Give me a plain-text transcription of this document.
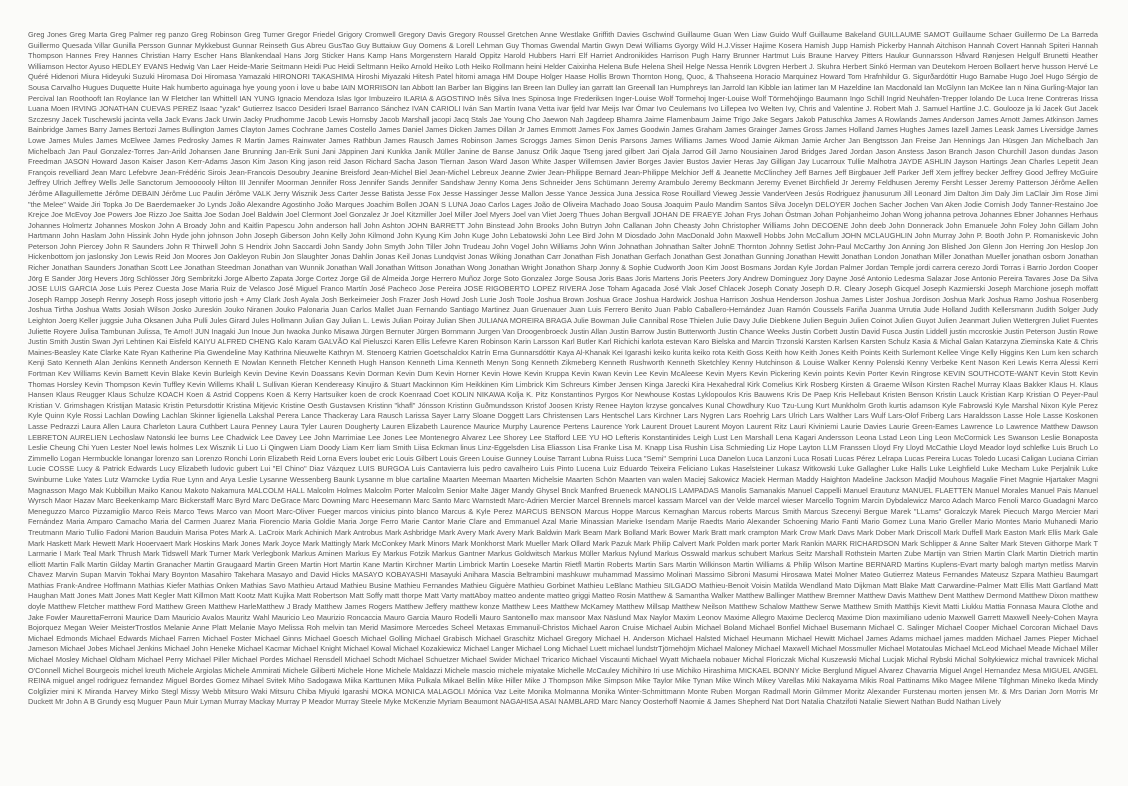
Greg Jones Greg Marta Greg Palmer reg panzo Greg Robinson Greg Turner Gregor Friedel Grigory Cromwell Gregory Davis Gregory Roussel Gretchen Anne Westlake Griffith Davies Gschwind Guillaume Guan Wen Liaw Guido Wulf Guillaume Bakeland GUILLAUME SAMOT Guillaume Schaer Guillermo De La Barreda Guillermo Quesada Villar Gunilla Persson Gunnar Mykkebust Gunnar Reinseth Gus Abreu GusTao Guy Buttaiuw Guy Oomens & Lorell Lehman Guy Thomas Gwendal Martin Gwyn Dewi Williams Gyorgy Wild H.J.Visser Hajime Kosera Hamish Jupp Hamish Pickerby Hannah Aitchison Hannah Covert Hannah Spiteri Hannah Thompson Hannes Frey Hannes Christian Harry Escher Hans Blankendaal Hans Jorg Sticker Hans Kamp Hans Morgenstern Harald Oppitz Harold Hubbers Harri Elf Harriet Andronikides Harrison Pugh Harry Brunner Hartmut Luis Braune Harvey Pitters Haukur Gunnarsson Håvard Rønjesen Helgulf Brunetti Heather Williamson Hector Ayuso HEDLEY EVANS Hedwig Van Laer Heide-Marie Seitmann Heidi Puc Heidi Seltmann Heiko Arnold Heiko Loth Heiko Rollmann heini Helder Caixinha Helena Bufe Helena Sheil Helge Nessa Henrik Lövgren Herbert J. Skuhra Herbert Sinkó Herman van Deutekom Heroen Bollaert herve husson Hervé Le Quéré Hidenori Miura Hideyuki Suzuki Hiromasa Doi Hiromasa Yamazaki HIRONORI TAKASHIMA Hiroshi Miyazaki Hitesh Patel hitomi amaga HM Doupe Holger Haase Hollis Brown Thornton Hong, Quoc, & Thahseena Horacio Marquinez Howard Tom Hrafnhildur G. Sigurðardóttir Hugo Barnabe Hugo Joel Hugo Sérgio de Sousa Carvalho Hugues Duquette Huite Hak humberto aguinaga hye young yoon i love u babe IAIN MORRISON Ian Abbott Ian Barber Ian Biggins Ian Breen Ian Dulley ian garratt Ian Greenall Ian Humphreys Ian Jarrold Ian Kibble ian latimer Ian M Hazeldine Ian Macdonald Ian McGlynn Ian McKee Ian n Nina Gurling-Major Ian Percival Ian Roothooft Ian Roylance Ian W Fletcher Ian Whittell IAN YUNG Ignacio Mendoza Islas Igor Imbuzeiro ILARIA & AGOSTINO Inês Silva Ines Spinosa Inge Frederiksen Inger-Louise Wolf Tormehoj Inger-Louise Wolf Törmehöjingo Baumann Ingo Schill Ingrid Neuhäfen-Trepper Iolando De Luca Irene Contreras Irissa Luana Moen IRVING JONATHAN CUEVAS PEREZ Isaac "yzak" Gutierrez Isacco Desideri Israel Barranco Sánchez IVAN CARIOLI Iván San Martín Ivana Vetta ivar fjeld Ivar Meijs Ivar Ómar Ivo Ceulemans Ivo Lillepea Ivo Welten Ivy, Chris and Valentine J. Robert Mah J. Samuel Hartline J.C. Goulooze ja ki Jacek Gut Jacek Szczesny Jacek Tuschewski jacinta vella Jack Evans Jack Urwin Jacky Prudhomme Jacob Lewis Hornsby Jacob Marshall jacopi Jacq Stals Jae Young Cho Jaewon Nah Jagdeep Bhamra Jaime Flamenbaum Jaime Trigo Jake Segars Jakob Patuschka James A Rowlands James Anderson James Arnott James Atkinson James Bainbridge James Barry James Bertozi James Bullington James Clayton James Cochrane James Costello James Daniel James Dicken James Dillan Jr James Emmott James Fox James Goodwin James Graham James Grainger James Gross James Holland James Hughes James Iazell James Leask James Liversidge James Lowe James Mules James McElwee James Pedrosky James R Martin James Rainwater James Rathbun James Rausch James Robinson James Scroggs James Simon Denis Parsons James Williams James Wood Jamie Aikman Jamie Archer Jan Bengtsson Jan Freise Jan Hennings Jan Hüsgen Jan Michelbach Jan Michelbach Jan Paul Gonzalez-Torres Jan-Arild Johansen Jane Brunning Jan-Erik Suni Jani Jäppinen Jani Kunkka Janik Müller Janine de Banse Janusz Orlik Jaque Tseng jared gilbert Jari Ojala Jarrod Gill Jarno Nousiainen Jarod Bridges Jared Jordan Jason Anstess Jason Branch Jason Churchill Jason dundas Jason Freedman JASON Howard Jason Kaiser Jason Kerr-Adams Jason Kim Jason King jason reid Jason Richard Sacha Jason Tiernan Jason Ward Jason White Jasper Willemsen Javier Borges Javier Bustos Javier Heras Jay Gilligan Jay Lucarroux Tullie Malhotra JAYDE ASHLIN Jayson Hartings Jean Charles Lepetit Jean François revelliard Jean Marc Lefebvre Jean-Frédéric Sirois Jean-Francois Desoubry Jeanine Breisford Jean-Michel Biel Jean-Michel Lebreux Jeanne Zwier Jean-Philippe Bernard Jean-Philippe Melchior Jeff & Jeanette McClinchey Jeff Barnes Jeff Birgbauer Jeff Parker Jeff Xem jeffrey becker Jeffrey Good Jeffrey McGuire Jeffrey Ulrich Jeffrey Wells Jelle Sanctorum Jemoooooly Hilton III Jennifer Moorman Jennifer Ross Jennifer Sands Jennifer Sandshaw Jenny Koma Jens Schneider Jens Schümann Jeremy Arambulo Jeremy Beckmann Jeremy Evenet Birchfield Jr Jeremy Feldhusen Jeremy Fersht Lesser Jeremy Patterson Jérôme Aellen Jérôme Allaguillemette Jérôme DEBAIN Jérôme Luc Paulin Jérôme VALK Jerry Wisznik Jess Carter Jesse Batista Jesse Fox Jesse Hassinger Jesse Mallon Jesse Yance Jessica Juna Jessica Rose Rouillard Vieweg Jessie VanderVeen Jesús Rodriguez jhanusurum Jill Leonard Jim Dalton Jim Daly Jim LaClair Jim Rose Jimi "the Melee" Waide Jiri Topka Jo De Baerdemaeker Jo Lynds João Alexandre Agostinho João Marques Joachim Bollen JOAN S LUNA Joao Carlos Lages João de Oliveira Machado Joao Sousa Joaquim Paulo Mandim Santos Silva Jocelyn DELOYER Jochen Sacher Jochen Van Aken Jodie Cornish Jody Tanner-Restaino Joe Krejce Joe McEvoy Joe Powers Joe Rizzo Joe Saitta Joe Sodan Joel Baldwin Joel Clermont Joel Gonzalez Jr Joel Kitzmiller Joel Miller Joel Myers Joel van Vliet Joerg Thues Johan Bergvall JOHAN DE FRAEYE Johan Frys Johan Östman Johan Pohjanheimo Johan Wong johanna petrova Johannes Ebner Johannes Herhaus Johannes Holmertz Johannes Moskon John A Broady John and Kaitlin Papescu John anderson hall John Ashton JOHN BARRETT John Binstead John Brooks John Butryn John Callanan John Cheasty John Christopher Williams John DECOENE John deeb John Donnerack John Emanuele John Foley John Gillam John Hartmann John Haslam John Hissink John Hyde john johnson John Joseph Giberson John Kelly John Kilmond John Kyung Kim John Kuge John Lebatowski John Lee Bird John M Diosdado John MacDonald John Maxwell Hobbs John McCallum JOHN MCLAUGHLIN John Murray John P. Booth John P. Romaniskevic John Peterson John Piercey John R Saunders John R Thirwell John S Hendrix John Saccardi John Sandy John Smyth John Tiller John Trudeau John Vogel John Williams John Winn Johnathan Johnathan Salter JohnE Thornton Johnny Setlist John-Paul McCarthy Jon Anning Jon Blished Jon Glenn Jon Herring Jon Heslop Jon Hickenbottom jon jaslonsky Jon Lewis Reid Jon Moores Jon Oakleyon Rubin Jon Slaughter Jonas Dahlin Jonas Keil Jonas Lundqvist Jonas Wiking Jonathan Carr Jonathan Fish Jonathan Gerfach Jonathan Gest Jonathan Gunning Jonathan Hewitt Jonathan London Jonathan Miller Jonathan Mueller jonathan osborn Jonathan Richer Jonathan Saunders Jonathan Scott Lee Jonathan Steedman Jonathan van Wunnik Jonathan Wall Jonathan Wittson Jonathan Wong Jonathan Wright Jonathon Sharp Jonny & Sophie Cudworth Joon Kim Joost Bosmans Jordan Kyle Jordan Palmer Jordan Temple jordi carrera cerezo Jordi Torras i Barrio Jordon Cooper Jörg E Sander Jörg Hevers Jörg Schlösser Jörg Sembritzki Jorge Alberto Zapata Jorge Cortez Jorge Gil de Almeida Jorge Herrero Muñoz Jorge Soto Gonzalez Jorge Sousa Joris Baas Joris Martens Joris Peeters Jory Andrew Dominguez Jory Dayne José Antonio Ledesma Salazar Jose Antonio Pereira Tavares Jose Da Silva JOSE LUIS GARCIA Jose Luis Perez Cuesta Jose Maria Ruiz de Velasco José Miguel Franco Martín José Pacheco Jose Pereira JOSE RIGOBERTO LOPEZ RIVERA Jose Toham Agacada José Vlak Josef Chlacek Joseph Conaty Joseph D.R. Cleary Joseph Gicquel Joseph Kazmierski Joseph Marchione joseph moffatt Joseph Rampp Joseph Renny Joseph Ross joseph vittorio josh + Amy Clark Josh Ayala Josh Berkeimeier Josh Frazer Josh Howd Josh Lurie Josh Toole Joshua Brown Joshua Grace Joshua Hardwick Joshua Harrison Joshua Henderson Joshua James Lister Joshua Jordison Joshua Mark Joshua Ramo Joshua Rosenberg Joshua Tirtha Joshua Watts Josiah Wilson Josko Jureskin Jouko Niranen Jouko Palonaria Juan Carlos Mallet Juan Fernando Santiago Martinez Juan Gruenauer Juan Luis Ferrero Benito Juan Pablo Caballero-Hernández Juan Ramón Coussels Fariña Juanma Urrutia Jude Holland Judith Kellersmann Judith Solger Judy Leighton Joerg Keller juggsie Juha Oksanen Juha Pulli Jules Girard Jules Hollmann Julian Gay Julian L. Lewis Julian Poiray Julian Shen JULIANA MOREIRA BRAGA Julie Bowman Julie Cannibal Rose Thielen Julie Davy Julie Diebkene Julien Beguin Julien Coinot Julien Guyot Julien Jeanmart Julien Wettergren Juliet Fuentes Juliette Royere Julisa Tambunan Julissa, Te Amo!! JUN Inagaki Jun Inoue Jun Iwaoka Junko Misawa Jürgen Bernuter Jürgen Bornmann Jurgen Van Droogenbroeck Justin Allan Justin Barrow Justin Butterworth Justin Chance Weeks Justin Corbett Justin David Fusca Justin Liddell justin mccroskie Justin Peterson Justin Rowe Justin Smith Justin Swan Jyri Lehtinen Kai Eisfeld KAIYU ALFRED CHENG Kalo Karam GALVÃO Kal Pieluszci Karen Ellis Lefevre Karen Robinson Karin Larsson Karl Butler Karl Richichi karlota estevan Karo Bielska and Marcin Trzonski Karsten Karlsen Karsten Schulz Kasia & Michal Galan Katarzyna Zieminska Kate & Chris Maines-Beasley Kate Clarke Kate Ryan Katherine Pia Gwendeline May Kathrina Nieuwelte Kathryn M. Stenoerg Katrien Goetschalckx Katrín Erna Gunnarsdóttir Kaya Al-Khanak Kei Igarashi keiko kurita keiko rota Keith Goss Keith how Keith Jones Keith Points Keith Surlemont Kellee Vinge Kelly Higgins Ken Lum ken scharch Kenji Sato Kenneth Alan Jenkins Kenneth Anderson Kenneth E Nowlan Kenneth Fletcher Kenneth Hugh Hanson Kenneth Lima Kenneth Menyn Song Kenneth Zikmeberg Kenneth Rushworth Kenneth Sketchley Kenny Hutchinson & Louise Walker Kenny Polenski Kenny Verbeke Kent Nason Keri Lewis Kerra Alessi Kerri Fortman Kev Williams Kevin Barnett Kevin Blake Kevin Burleigh Kevin Devine Kevin Doassans Kevin Dorman Kevin Dum Kevin Horner Kevin Howe Kevin Kruppa Kevin Kwan Kevin Lee Kevin McAleese Kevin Myers Kevin Pickering Kevin points Kevin Porter Kevin Ringrose KEVIN SOUTHCOTE-WANT Kevin Stott Kevin Thomas Horsley Kevin Thompson Kevin Tuffley Kevin Willems Khalil L Sullivan Kieran Kendereasy Kinujiro & Stuart Mackinnon Kim Heikkinen Kim Limbrick Kim Schreurs Kimber Jensen Kinga Jarecki Kira Hexahedral Kirk Comelius Kirk Rosberg Kirsten & Graeme Wilson Kirsten Rachel Murray Klaas Bakker Klaus H. Klaus Hansen Klaus Reugger Klaus Schulze KOACH Koen & Astrid Coppens Koen & Kerry Hartsuiker koen de crock Koenraad Coet KOLIN NIKAWA Kolja K. Pitz Konstantinos Pyrgos Kor Newhouse Kostas Lyklopoulos Kris Bauwens Kris De Paep Kris Hellebaut Kristen Benson Kristin Lauck Kristian Karp Kristian O Peyer-Paul Kristian V. Grimshagen Kristijan Matasic Kristin Petursdottir Kristina Mitjevic Kristine Oesth Gustavsen Kristinn "khafl" Jónsson Kristinn Guðmundsson Kristof Joosen Kristy Renee Hayton krzyse goncalves Kunal Chowdhury Kuo Tzu-Lung Kurt Munkholm Groth kurtis adamson Kyle Fabrowski Kyle Marshal Nixon Kyle Perez Kyle Quinn Kyle Rossi Lachlan Dowling Lachlan Skinner ligienella Lakshal Perera Lance Thackeray Lara Rausch Larissa Sayer Larry Sloane Doggett Lars Christensen Lars Hentschel Lars Kirchner Lars Nygren Lars Roehrig Lars Ulrich Lars Walther Lars Wulf Lars-Olof Friberg Lars Haraldsson Lasse Hole Lasse Koskonen Lasse Pedrazzi Laura Allen Laura Charleton Laura Cuthbert Laura Penney Laura Tyler Lauren Dougherty Lauren Elizabeth Laurence Maurice Murphy Laurence Pertens Laurence York Laurent Drouet Laurent Moyon Laurent Ritz Lauri Kiviniemi Laurie Davies Laurie Green-Eames Lawrence Lo Lawrence Matthew Dawson LEBRETON AURELIEN Lechoslaw Natonski lee burns Lee Chadwick Lee Davey Lee John Marrimiae Lee Jones Lee Montenegro Alvarez Lee Shorey Lee Stafford LEE YU HO Lefteris Konstantinides Leigh Lust Len Marshall Lena Kagari Andersson Leona Lstad Leon Ling Leon McCormick Les Swanson Leslie Bonaposta Leslie Cheung Chi Yuen Lester Noel lewis holmes Lex Wisznik Li Luo Li Qingwen Liam Doody Liam Kerr liam Smith Liisa Eckman linus Linz-Eggelsden Lisa Eliasson Lisa Franke Lisa M. Knapp Lisa Rushin Lisa Schmieding Liz Hope Layton LLM Franssen Lloyd Fry Lloyd McCathie Lloyd Meador loyd schlefke Luis Bruch Lo Zimmello Logan Hermbuckle lonangar lorenzo san Lorenzo Ronchi Lorin Elizabeth Reid Lorna Evers loubet eric Louis Gilbert Louis Green Louise Gunney Louise Tarrant Lubna Ruiss Luca "Semi" Semprini Luca Danelon Luca Lanzoni Luca Rosati Lucas Pérez Lelrapa Lucas Pereira Lucas Toledo Lucasi Caligan Luciana Cirrian Lucie COSSE Lucy & Patrick Edwards Lucy Elizabeth ludovic gubert Lui "El Chino" Diaz Vázquez LUIS BURGOA Luis Cantavierra luis pedro cavalheiro Luis Pinto Lucena Luiz Eduardo Teixeira Feliciano Lukas Haselsteiner Lukasz Witkowski Luke Gallagher Luke Halls Luke Leighfield Luke Mecham Luke Perjalnik Luke Swinburne Luke Yates Lutz Warncke Lydia Rue Lynn and Arya Leslie Lysanne Wessenberg Baunk Lysanne m blue cartaline Maarten Meeman Maarten Michelsie Maarten Schön Maarten van walen Maciej Sakowicz Maciek Herman Maddy Haighton Madeline Jackson Madjid Mouhous Magalie Finet Magnie Hjartaker Magni Magnasson Mago Mak Kubbillun Maiko Kanou Makoto Nakamura MALCOLM HALL Malcolm Holmes Malcolm Porter Malcolm Senior Malte Jäger Mandy Ghysel Bnck Manfred Brueneck MANOLIS LAMPADAS Manolis Samanakis Manuel Cappelli Manuel Erautunz MANUEL FLAETTEN Manuel Morales Manuel Pais Manuel Wyrsch Maor Hazav Marc Beekenkamp Marc Bickerstaff Marc Byrd Marc DeGrace Marc Downing Marc Heesemann Marc Santo Marc Warnstedt Marc-Adrien Mercier Marcel Brennels marcel kassam Marcel van der Velde marcel wieser Marcello Tognim Marcin Dybdalewicz Marco Adach Marco Fenoli Marco Guadagni Marco Meneguzzo Marco Pizzamiglio Marco Reis Marco Tews Marco van Moort Marc-Oliver Fueger marcos vinicius pinto blanco Marcus & Kyle Perez MARCUS BENSON Marcus Hoppe Marcus Kernaghan Marcus roberts Marcus Smith Marcus Szecenyi Bergue Marek "LLams" Goralczyk Marek Piecuch Margo Mercier Mari Fernández Maria Amparo Camacho Maria del Carmen Juarez Maria Fiorencio Maria Goldie Maria Jorge Ferro Marie Cantor Marie Clare and Emmanuel Azal Marie Minassian Marieke Isendam Marije Raedts Mario Alexander Schoening Mario Fanti Mario Gomez Luna Mario Greller Mario Montes Mario Muhanedi Mario Treutmann Mario Tullio Fadoni Marion Bauduin Marisa Potes Mark A. LaCroix Mark Achinich Mark Antrobus Mark Ashbridge Mark Avery Mark Avery Mark Baldwin Mark Beam Mark Bolland Mark Bower Mark Bratt mark crampton Mark Crow Mark Davs Mark Dober Mark Driscoll Mark Duffell Mark Easton Mark Ellis Mark Gale Mark Haskett Mark Hewett Mark Hooervaert Mark Hoskins Mark Jones Mark Joyce Mark Mattingly Mark McConkey Mark Minors Mark Monkhorst Mark Mueller Mark Ollard Mark Pazuk Mark Philip Calvert Mark Polden mark porter Mark Rankin MARK RICHARDSON Mark Schlipper & Anne Salter Mark Steven Githorpe Mark T Larmarie I Mark Teal Mark Thrush Mark Tidswell Mark Turner Mark Verlegbonk Markus Aminen Markus Ey Markus Fotzik Markus Gantner Markus Goldwitsch Markus Müller Markus Nylund Markus Osswald markus schubert Markus Seitz Marshall Rothstein Marten Zube Martijn van Strien Martin Clark Martin Dietrich martin elliott Martin Falk Martin Gilday Martin Granacher Martin Graugaard Martin Green Martin Hort Martin Kane Martin Kirchner Martin Limbrick Martin Loeseke Martin Rietfl Martin Roberts Martin Sars Martin Wilkinson Martin Williams & Philip Wilson Martine BERNARD Martins Kuplens-Evart marty balogh martyn metliss Marvin Chavez Marvin Supan Marvin Tokhai Mary Boynton Masahiro Takehara Masayo and David Hicks MASAYO KOBAYASHI Masayuki Anihara Mascia Beltrambini mashkuwr muhammad Massimo Molinari Massimo Sibroni Masumi Hirosawa Matei Molner Mateo Gutierrez Mateus Fernandes Mateusz Szpara Mathieu Baumgart Mathias Frank-Andree Hoffmann Mathias Kiefer Mathias Onken Mathias Savo Mathieu Artaud Mathieu Busine Mathieu Fernandes Mathieu Giguère Mathieu Gorbinet Mathieu LeBlanc Mathieu SILGADO Mathieu-Benoit Voisin Matilda Wendland Mato Dijkman Matt Blake Matt Carwardine-Palmer Matt Ellis Matt Gartland Matt Haughan Matt Jones Matt Jones Matt Kegler Matt Killmon Matt Kootz Matt Kujika Matt Robertson Matt Soffy matt thorpe Matt Varty mattAboy matteo andente matteo griggi Matteo Rosin Matthew & Samantha Walker Matthew Ballinger Matthew Bremner Matthew Davis Matthew Dent Matthew Dermond Matthew Dixon matthew doyle Matthew Fletcher matthew Ford Matthew Green Matthew HarleMatthew J Brady Matthew James Rogers Matthew Jeffery matthew konze Matthew Lees Matthew McKamey Matthew Millsap Matthew Neilson Matthew Schalow Matthew Serwe Matthew Smith Matthijs Kievit Matti Liukku Mattia Fonnasa Maura Clothe and Jake Fowler MaurettaFerroni Maurice Dam Mauricio Avalos Mauritz Wahl Mauricio Leo Maurizio Roncaccia Mauro Garcia Mauro Rodelli Mauro Santonello max mansoor Max Näslund Max Naylor Maxim Leonov Maxime Allegro Maxime Declercq Maxime Dion maximiliano udenio Maxwell Garrett Maxwell Neely-Cohen Mayra Bojorquez Megan Weier MeisterTrostlos Melanie Anne Platt Melanie Mayo Melissa Roh melvin tan Merid Masimore Mercedes Scheel Metaxas Emmanuil-Christos Michael Aaron Cruise Michael Aubin Michael Boland Michael Bonfiel Michael Busemann Michael C. Salinger Michael Cooper Michael Corcoran Michael Davs Michael Edmonds Michael Edwards Michael Farren Michael Foster Michael Ginns Michael Goesch Michael Golling Michael Grabisch Michael Graschitz Michael Gregory Michael H. Anderson Michael Halsted Michael Heumann Michael Hewitt Michael James Adams michael james madden Michael James Pieper Michael Jameson Michael Jobes Michael Jenkins Michael John Heneke Michael Kacmar Michael Knight Michael Kowal Michael Kozakiewicz Michael Langer Michael Long Michael Luett michael lundstrTjörnehöjm Michael Maloney Michael Maxwell Michael Mossmuller Michael Motatoulas Michael McLeod Michael Meade Michael Miller Michael Mosley Michael Oldham Michael Perry Michael Piller Michael Pordes Michael Rensdell Michael Schodt Michael Schuetzer Michael Swider Michael Tricarico Michael Viscaunti Michael Wyatt Michaela nobauer Michal Floriczak Michal Kuszewski Michal Lucjak Michal Rybski Michal Soltykiewicz michal travnicek Michal O'Connell Michel Bourgeois michel kreuth Michele Argiolas Michele Ammirati Michele Giliberti Michele Hone Michele Maldazzi Michele mascio michele miyatake Michelle McCauley Michihiro Iri use Michiko Hirashima MICKAEL BONNY Micke Berglund Miguel Alvarez Chavarria Miguel Angel Hernandez Mesa MIGUEL ANGEL REINA miguel angel rodriguez fernandez Miguel Bordes Gomez Mihael Svitek Miho Sadogawa Miika Karttunen Mika Pulkala Mikael Bellin Mike Hiller Mike J Thompson Mike Simpson Mike Taylor Mike Tynan Mike Winch Mikey Varellas Miki Nakayama Mikis Roal Pattinams Miko Magee Milene Tilghman Mineko Ikeda Mindy Colglizier mini K Miranda Harvey Mirko Stegl Missy Webb Mitsuro Waki Mitsuru Chiba Miyuki Igarashi MOKA MONICA MALAGOLI Mónica Vaz Leite Monika Molmanna Monika Winter-Schmittmann Monte Ruben Morgan Radmall Morin Gilmmer Moritz Alexander Furstenau morten jensen Mr. & Mrs Darian Jorn Morris Mr Duckett Mr John A B Grundy esq Muguer Paun Muir Lyman Murray Mackay Murray P Meador Murray Steele Myke McKenzie Myriam Beaumont NAGAHISA ASAI NAMBLARD Marc Nancy Oosterhoff Naomie & James Shepherd Nat Dort Natalia Chatzifoti Natalie Siewert Nathan Budd Nathan Lively
